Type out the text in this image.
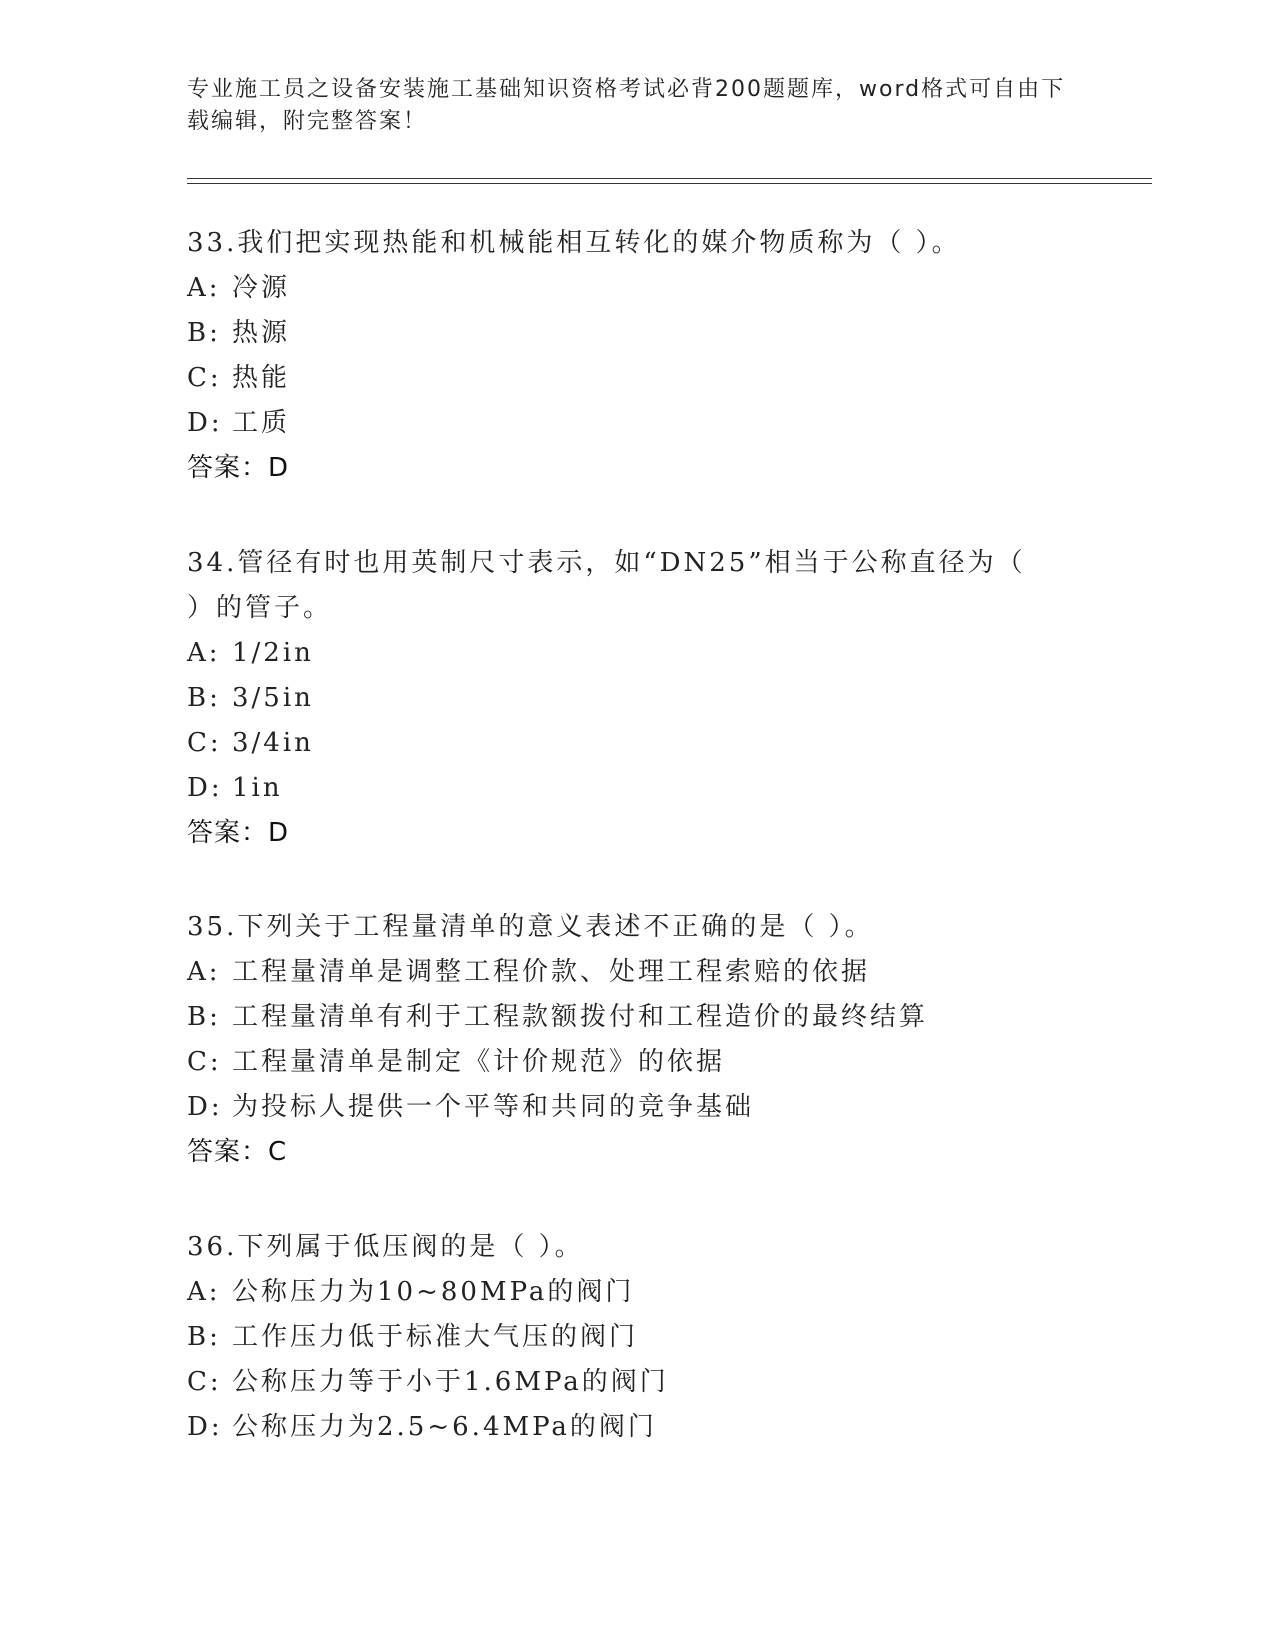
专业施工员之设备安装施工基础知识资格考试必背200题题库，word格式可自由下载编辑，附完整答案！

33.我们把实现热能和机械能相互转化的媒介物质称为（ ）。

A: 冷源

B: 热源

C: 热能

D: 工质

答案：D

34.管径有时也用英制尺寸表示，如“DN25”相当于公称直径为（ ）的管子。

A: 1/2in

B: 3/5in

C: 3/4in

D: 1in

答案：D

35.下列关于工程量清单的意义表述不正确的是（ ）。

A: 工程量清单是调整工程价款、处理工程索赔的依据

B: 工程量清单有利于工程款额拨付和工程造价的最终结算

C: 工程量清单是制定《计价规范》的依据

D: 为投标人提供一个平等和共同的竞争基础

答案：C

36.下列属于低压阀的是（ ）。

A: 公称压力为10~80MPa的阀门

B: 工作压力低于标准大气压的阀门

C: 公称压力等于小于1.6MPa的阀门

D: 公称压力为2.5~6.4MPa的阀门
